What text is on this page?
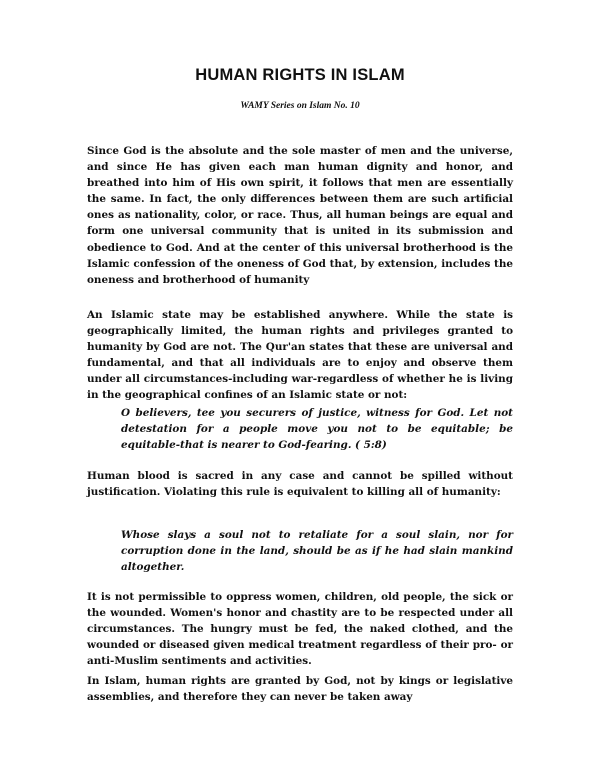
HUMAN RIGHTS IN ISLAM
WAMY Series on Islam No. 10

Since God is the absolute and the sole master of men and the universe, and since He has given each man human dignity and honor, and breathed into him of His own spirit, it follows that men are essentially the same. In fact, the only differences between them are such artificial ones as nationality, color, or race. Thus, all human beings are equal and form one universal community that is united in its submission and obedience to God. And at the center of this universal brotherhood is the Islamic confession of the oneness of God that, by extension, includes the oneness and brotherhood of humanity

An Islamic state may be established anywhere. While the state is geographically limited, the human rights and privileges granted to humanity by God are not. The Qur'an states that these are universal and fundamental, and that all individuals are to enjoy and observe them under all circumstances-including war-regardless of whether he is living in the geographical confines of an Islamic state or not:

O believers, tee you securers of justice, witness for God. Let not detestation for a people move you not to be equitable; be equitable-that is nearer to God-fearing. ( 5:8)

Human blood is sacred in any case and cannot be spilled without justification. Violating this rule is equivalent to killing all of humanity:

Whose slays a soul not to retaliate for a soul slain, nor for corruption done in the land, should be as if he had slain mankind altogether.

It is not permissible to oppress women, children, old people, the sick or the wounded. Women's honor and chastity are to be respected under all circumstances. The hungry must be fed, the naked clothed, and the wounded or diseased given medical treatment regardless of their pro- or anti-Muslim sentiments and activities.

In Islam, human rights are granted by God, not by kings or legislative assemblies, and therefore they can never be taken away
